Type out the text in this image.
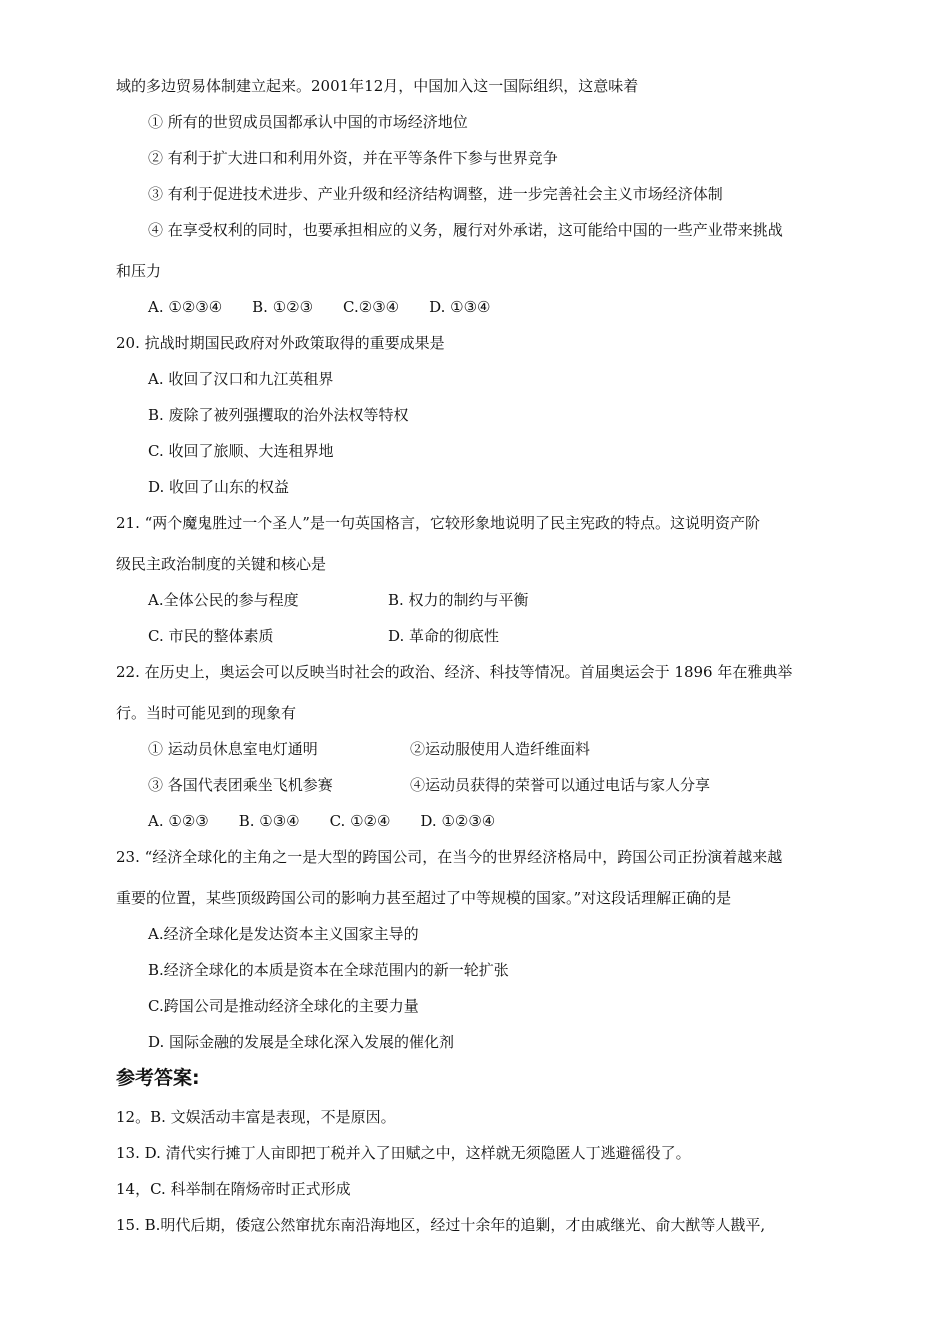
域的多边贸易体制建立起来。2001年12月，中国加入这一国际组织，这意味着
① 所有的世贸成员国都承认中国的市场经济地位
② 有利于扩大进口和利用外资，并在平等条件下参与世界竞争
③ 有利于促进技术进步、产业升级和经济结构调整，进一步完善社会主义市场经济体制
④ 在享受权利的同时，也要承担相应的义务，履行对外承诺，这可能给中国的一些产业带来挑战
和压力
A. ①②③④　　B. ①②③　　C.②③④　　D. ①③④
20. 抗战时期国民政府对外政策取得的重要成果是
A. 收回了汉口和九江英租界
B. 废除了被列强攫取的治外法权等特权
C. 收回了旅顺、大连租界地
D. 收回了山东的权益
21. “两个魔鬼胜过一个圣人”是一句英国格言，它较形象地说明了民主宪政的特点。这说明资产阶
级民主政治制度的关键和核心是
A.全体公民的参与程度	B. 权力的制约与平衡
C. 市民的整体素质	D. 革命的彻底性
22. 在历史上，奥运会可以反映当时社会的政治、经济、科技等情况。首届奥运会于 1896 年在雅典举
行。当时可能见到的现象有
① 运动员休息室电灯通明	②运动服使用人造纤维面料
③ 各国代表团乘坐飞机参赛	④运动员获得的荣誉可以通过电话与家人分享
A. ①②③　　B. ①③④　　C. ①②④　　D. ①②③④
23. “经济全球化的主角之一是大型的跨国公司，在当今的世界经济格局中，跨国公司正扮演着越来越
重要的位置，某些顶级跨国公司的影响力甚至超过了中等规模的国家。”对这段话理解正确的是
A.经济全球化是发达资本主义国家主导的
B.经济全球化的本质是资本在全球范围内的新一轮扩张
C.跨国公司是推动经济全球化的主要力量
D. 国际金融的发展是全球化深入发展的催化剂
参考答案:
12。B. 文娱活动丰富是表现，不是原因。
13. D. 清代实行摊丁人亩即把丁税并入了田赋之中，这样就无须隐匿人丁逃避徭役了。
14，C. 科举制在隋炀帝时正式形成
15. B.明代后期，倭寇公然窜扰东南沿海地区，经过十余年的追剿，才由戚继光、俞大猷等人戡平,
